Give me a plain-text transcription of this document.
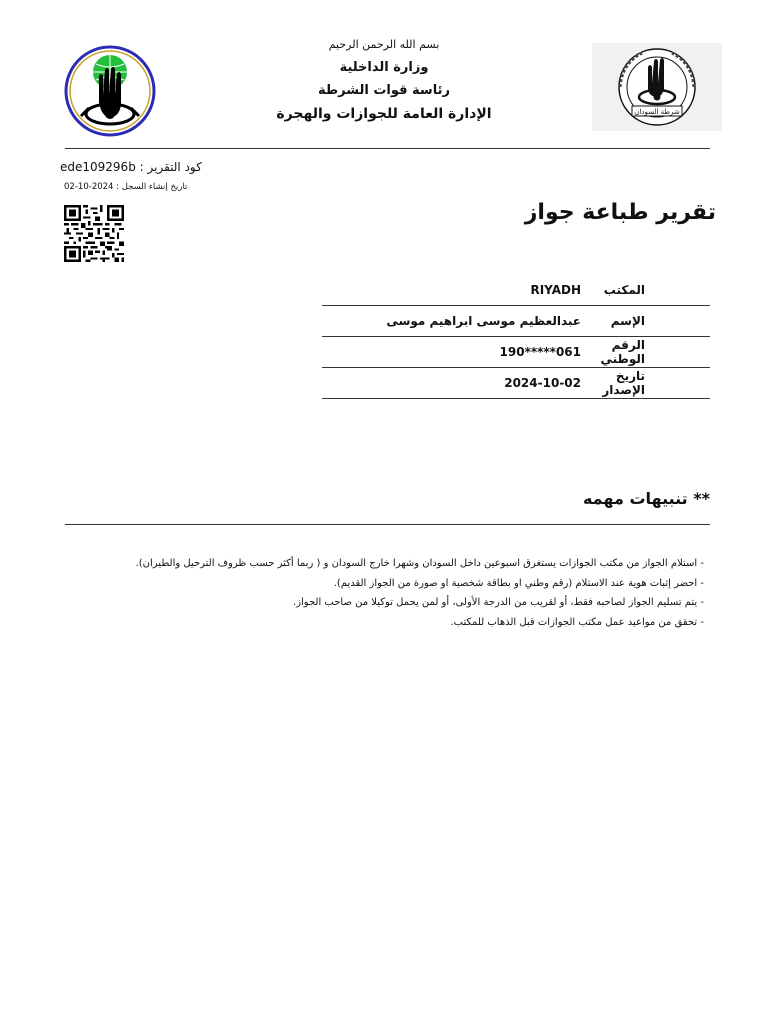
بسم الله الرحمن الرحيم
وزارة الداخلية
رئاسة قوات الشرطة
الإدارة العامة للجوازات والهجرة	شرطة السودان
كود التقرير : ede109296b
تاريخ إنشاء السجل : 2024-10-02
تقرير طباعة جواز
المكتب	RIYADH
الإسم	عبدالعظيم موسى ابراهيم موسى
الرقم الوطني	190*****061
تاريخ الإصدار	2024-10-02
** تنبيهات مهمه
- استلام الجواز من مكتب الجوازات يستغرق اسبوعين داخل السودان وشهرا خارج السودان و ( ربما أكثر حسب ظروف الترحيل والطيران).
- احضر إثبات هوية عند الاستلام (رقم وطني او بطاقة شخصية او صورة من الجواز القديم).
- يتم تسليم الجواز لصاحبه فقط، أو لقريب من الدرجة الأولى، أو لمن يحمل توكيلا من صاحب الجواز.
- تحقق من مواعيد عمل مكتب الجوازات قبل الذهاب للمكتب.
